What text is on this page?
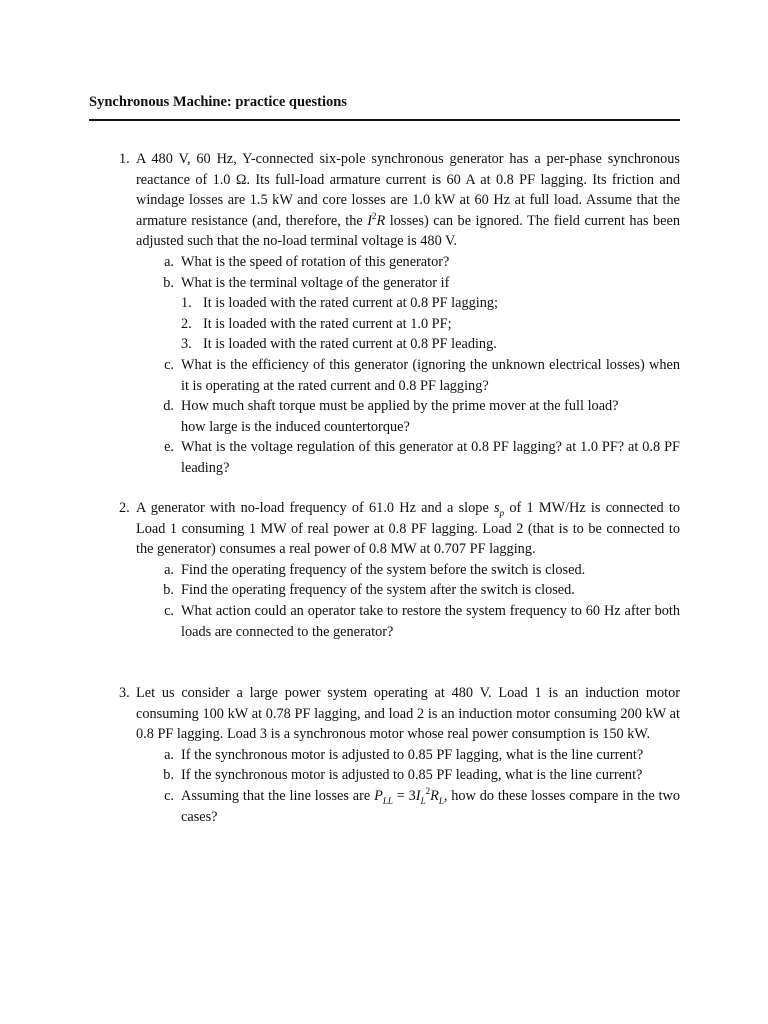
Synchronous Machine: practice questions
1. A 480 V, 60 Hz, Y-connected six-pole synchronous generator has a per-phase synchronous reactance of 1.0 Ω. Its full-load armature current is 60 A at 0.8 PF lagging. Its friction and windage losses are 1.5 kW and core losses are 1.0 kW at 60 Hz at full load. Assume that the armature resistance (and, therefore, the $I^2R$ losses) can be ignored. The field current has been adjusted such that the no-load terminal voltage is 480 V.
a. What is the speed of rotation of this generator?
b. What is the terminal voltage of the generator if
1. It is loaded with the rated current at 0.8 PF lagging;
2. It is loaded with the rated current at 1.0 PF;
3. It is loaded with the rated current at 0.8 PF leading.
c. What is the efficiency of this generator (ignoring the unknown electrical losses) when it is operating at the rated current and 0.8 PF lagging?
d. How much shaft torque must be applied by the prime mover at the full load?
how large is the induced countertorque?
e. What is the voltage regulation of this generator at 0.8 PF lagging? at 1.0 PF? at 0.8 PF leading?
2. A generator with no-load frequency of 61.0 Hz and a slope $s_p$ of 1 MW/Hz is connected to Load 1 consuming 1 MW of real power at 0.8 PF lagging. Load 2 (that is to be connected to the generator) consumes a real power of 0.8 MW at 0.707 PF lagging.
a. Find the operating frequency of the system before the switch is closed.
b. Find the operating frequency of the system after the switch is closed.
c. What action could an operator take to restore the system frequency to 60 Hz after both loads are connected to the generator?
3. Let us consider a large power system operating at 480 V. Load 1 is an induction motor consuming 100 kW at 0.78 PF lagging, and load 2 is an induction motor consuming 200 kW at 0.8 PF lagging. Load 3 is a synchronous motor whose real power consumption is 150 kW.
a. If the synchronous motor is adjusted to 0.85 PF lagging, what is the line current?
b. If the synchronous motor is adjusted to 0.85 PF leading, what is the line current?
c. Assuming that the line losses are $P_{LL} = 3I_L^2R_L$, how do these losses compare in the two cases?
